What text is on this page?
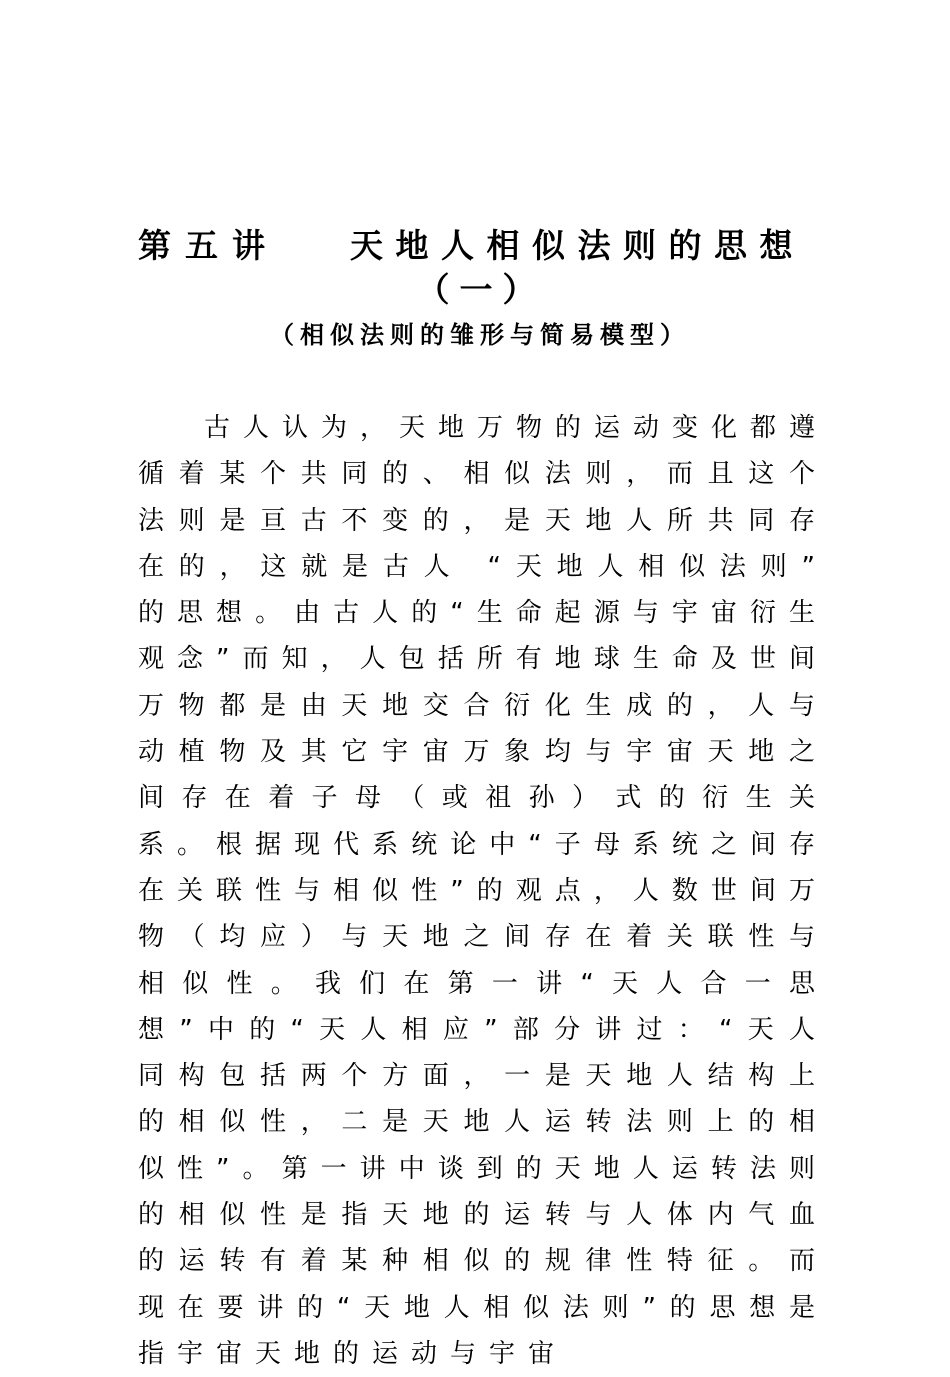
第五讲 天地人相似法则的思想
（一）
（相似法则的雏形与简易模型）

古人认为，天地万物的运动变化都遵循着某个共同的、相似法则，而且这个法则是亘古不变的，是天地人所共同存在的，这就是古人 “天地人相似法则” 的思想。由古人的“生命起源与宇宙衍生观念”而知，人包括所有地球生命及世间万物都是由天地交合衍化生成的，人与动植物及其它宇宙万象均与宇宙天地之间存在着子母（或祖孙）式的衍生关系。根据现代系统论中“子母系统之间存在关联性与相似性”的观点，人数世间万物（均应）与天地之间存在着关联性与相似性。我们在第一讲“天人合一思想”中的“天人相应”部分讲过：“天人同构包括两个方面，一是天地人结构上的相似性，二是天地人运转法则上的相似性”。第一讲中谈到的天地人运转法则的相似性是指天地的运转与人体内气血的运转有着某种相似的规律性特征。而现在要讲的“天地人相似法则”的思想是指宇宙天地的运动与宇宙
